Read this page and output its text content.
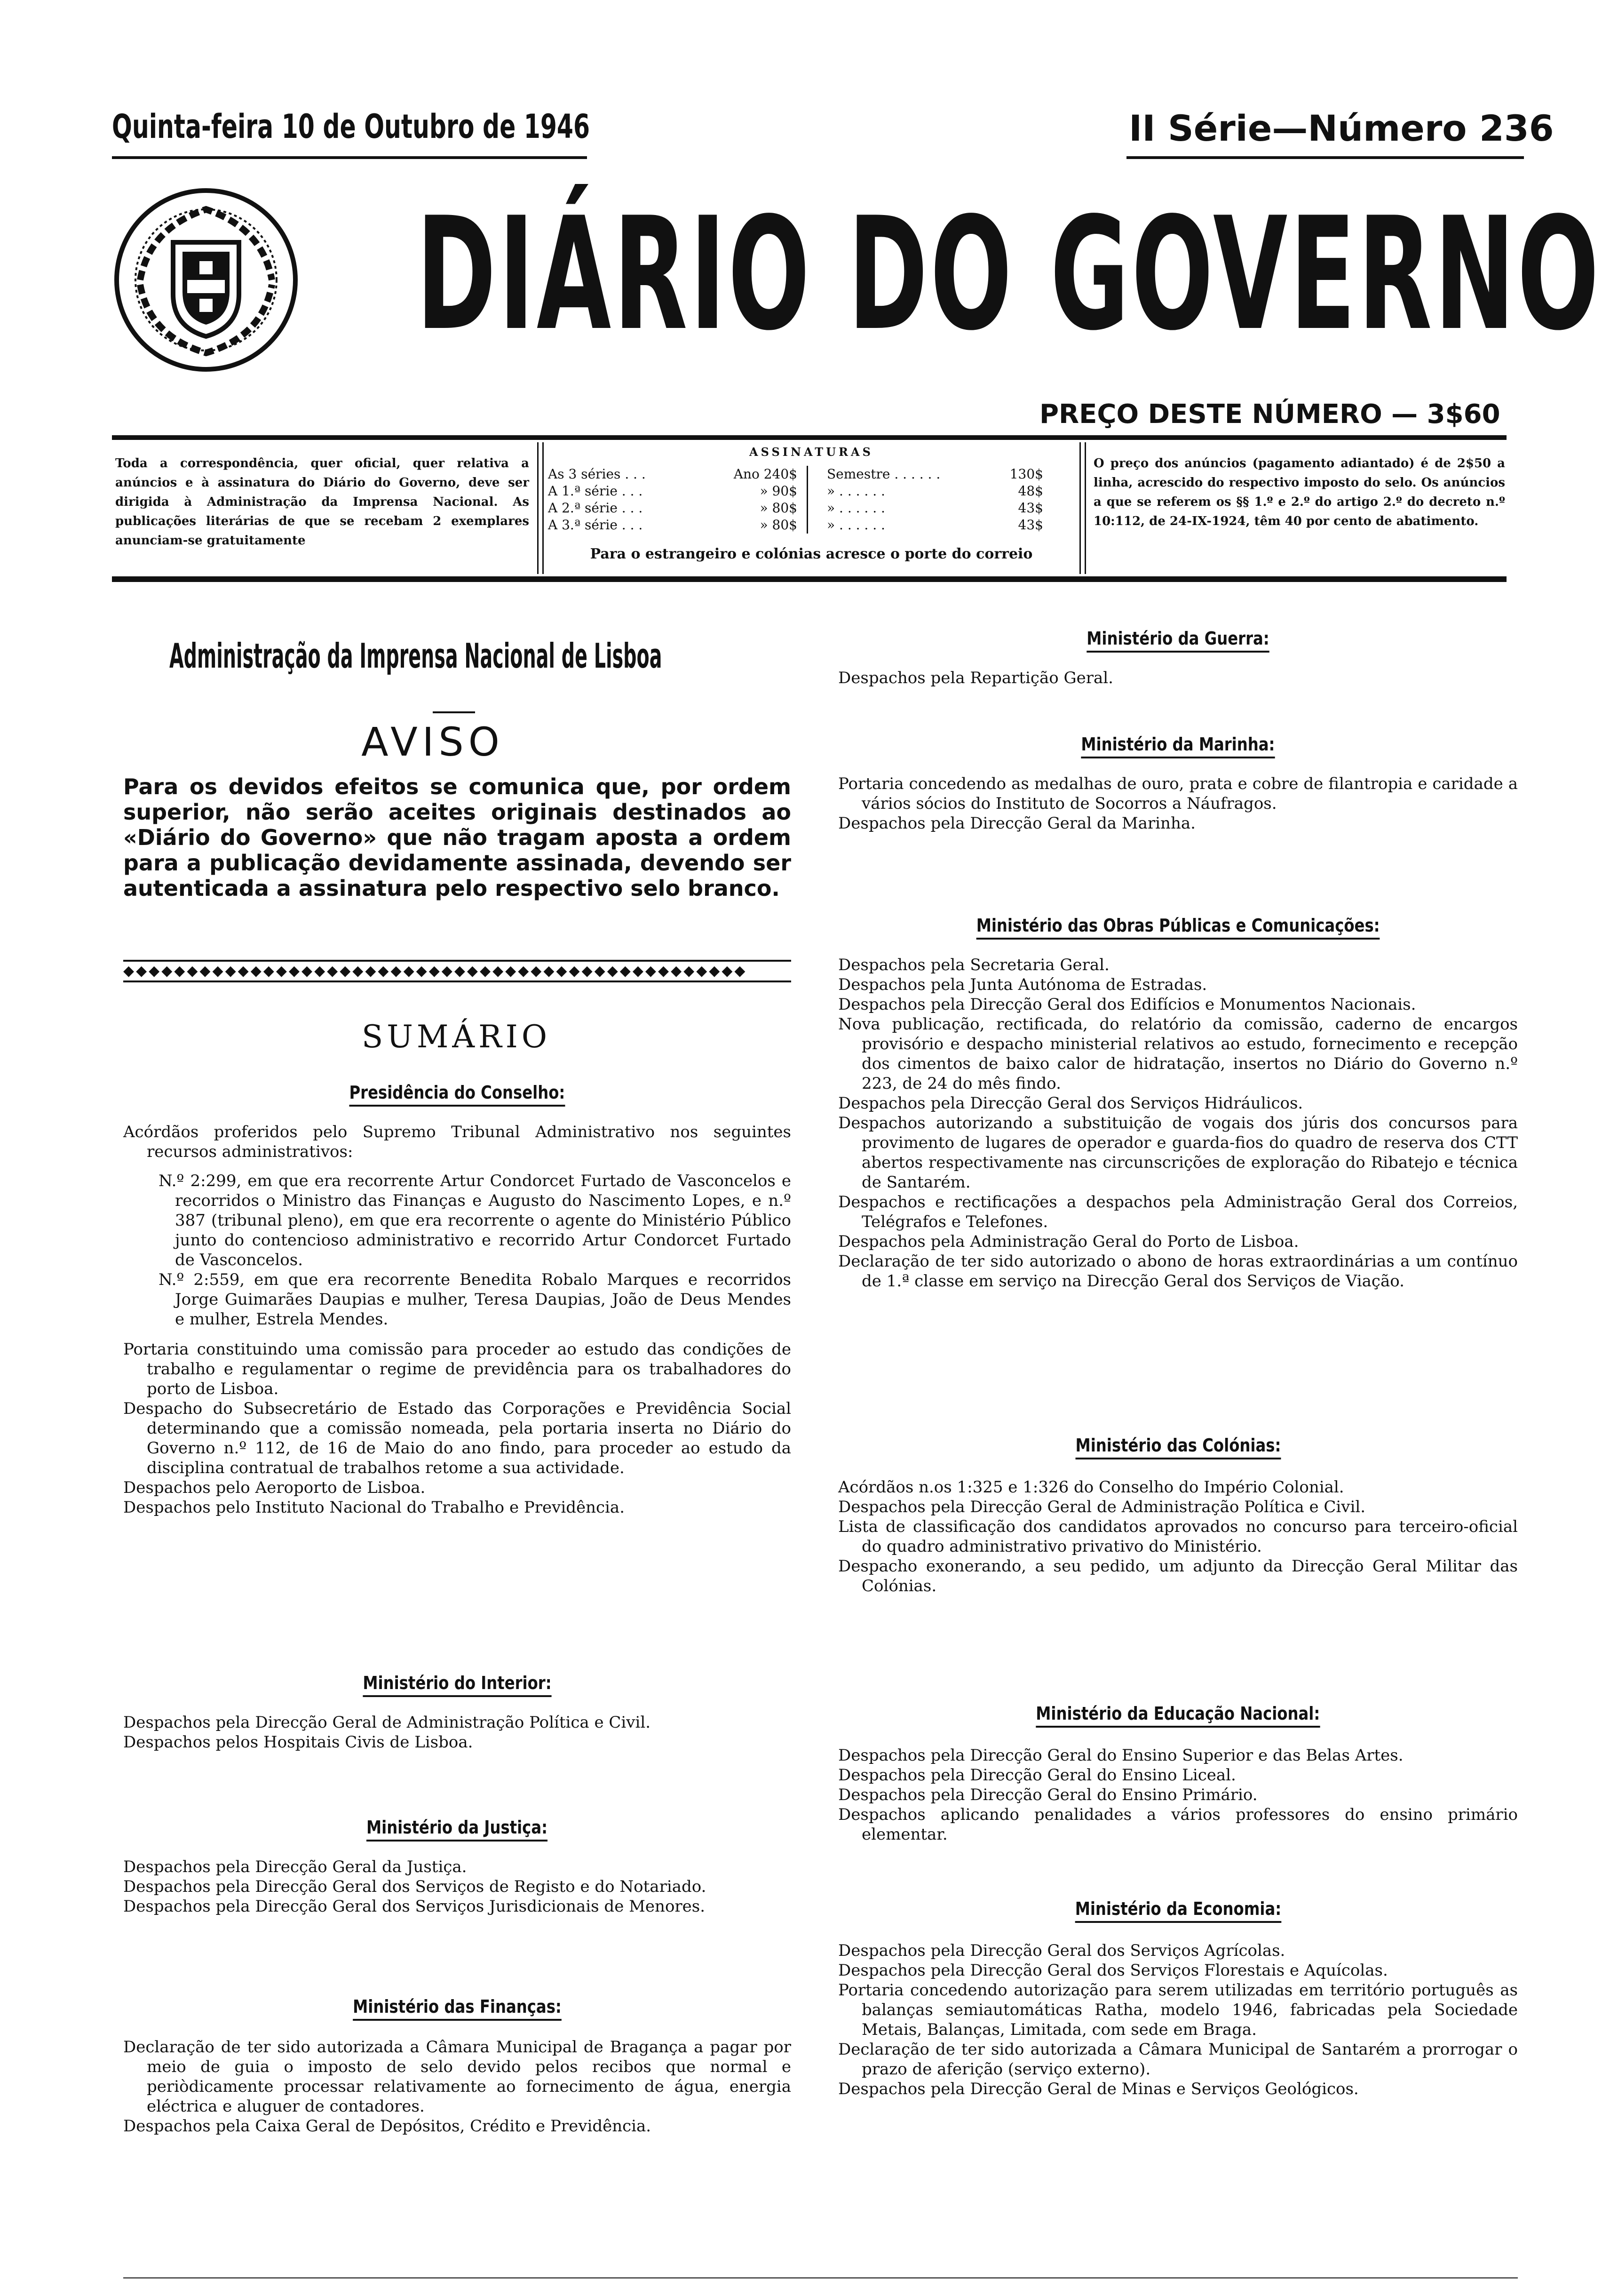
Quinta-feira 10 de Outubro de 1946	II Série—Número 236
DIÁRIO DO GOVERNO
PREÇO DESTE NÚMERO — 3$60
Toda a correspondência, quer oficial, quer relativa a anúncios e à assinatura do Diário do Governo, deve ser dirigida à Administração da Imprensa Nacional. As publicações literárias de que se recebam 2 exemplares anunciam-se gratuitamente
ASSINATURAS
As 3 séries . . .	Ano 240$	Semestre . . . . . .	130$
A 1.ª série . . .	» 90$	» . . . . . .	48$
A 2.ª série . . .	» 80$	» . . . . . .	43$
A 3.ª série . . .	» 80$	» . . . . . .	43$
Para o estrangeiro e colónias acresce o porte do correio
O preço dos anúncios (pagamento adiantado) é de 2$50 a linha, acrescido do respectivo imposto do selo. Os anúncios a que se referem os §§ 1.º e 2.º do artigo 2.º do decreto n.º 10:112, de 24-IX-1924, têm 40 por cento de abatimento.
Administração da Imprensa Nacional de Lisboa
AVISO
Para os devidos efeitos se comunica que, por ordem superior, não serão aceites originais destinados ao «Diário do Governo» que não tragam aposta a ordem para a publicação devidamente assinada, devendo ser autenticada a assinatura pelo respectivo selo branco.
◆◆◆◆◆◆◆◆◆◆◆◆◆◆◆◆◆◆◆◆◆◆◆◆◆◆◆◆◆◆◆◆◆◆◆◆◆◆◆◆◆◆◆◆◆◆◆◆◆
SUMÁRIO
Presidência do Conselho:

Acórdãos proferidos pelo Supremo Tribunal Administrativo nos seguintes recursos administrativos:

N.º 2:299, em que era recorrente Artur Condorcet Furtado de Vasconcelos e recorridos o Ministro das Finanças e Augusto do Nascimento Lopes, e n.º 387 (tribunal pleno), em que era recorrente o agente do Ministério Público junto do contencioso administrativo e recorrido Artur Condorcet Furtado de Vasconcelos.

N.º 2:559, em que era recorrente Benedita Robalo Marques e recorridos Jorge Guimarães Daupias e mulher, Teresa Daupias, João de Deus Mendes e mulher, Estrela Mendes.

Portaria constituindo uma comissão para proceder ao estudo das condições de trabalho e regulamentar o regime de previdência para os trabalhadores do porto de Lisboa.

Despacho do Subsecretário de Estado das Corporações e Previdência Social determinando que a comissão nomeada, pela portaria inserta no Diário do Governo n.º 112, de 16 de Maio do ano findo, para proceder ao estudo da disciplina contratual de trabalhos retome a sua actividade.

Despachos pelo Aeroporto de Lisboa.

Despachos pelo Instituto Nacional do Trabalho e Previdência.

Ministério do Interior:

Despachos pela Direcção Geral de Administração Política e Civil.

Despachos pelos Hospitais Civis de Lisboa.

Ministério da Justiça:

Despachos pela Direcção Geral da Justiça.

Despachos pela Direcção Geral dos Serviços de Registo e do Notariado.

Despachos pela Direcção Geral dos Serviços Jurisdicionais de Menores.

Ministério das Finanças:

Declaração de ter sido autorizada a Câmara Municipal de Bragança a pagar por meio de guia o imposto de selo devido pelos recibos que normal e periòdicamente processar relativamente ao fornecimento de água, energia eléctrica e aluguer de contadores.

Despachos pela Caixa Geral de Depósitos, Crédito e Previdência.

Ministério da Guerra:

Despachos pela Repartição Geral.

Ministério da Marinha:

Portaria concedendo as medalhas de ouro, prata e cobre de filantropia e caridade a vários sócios do Instituto de Socorros a Náufragos.

Despachos pela Direcção Geral da Marinha.

Ministério das Obras Públicas e Comunicações:

Despachos pela Secretaria Geral.

Despachos pela Junta Autónoma de Estradas.

Despachos pela Direcção Geral dos Edifícios e Monumentos Nacionais.

Nova publicação, rectificada, do relatório da comissão, caderno de encargos provisório e despacho ministerial relativos ao estudo, fornecimento e recepção dos cimentos de baixo calor de hidratação, insertos no Diário do Governo n.º 223, de 24 do mês findo.

Despachos pela Direcção Geral dos Serviços Hidráulicos.

Despachos autorizando a substituição de vogais dos júris dos concursos para provimento de lugares de operador e guarda-fios do quadro de reserva dos CTT abertos respectivamente nas circunscrições de exploração do Ribatejo e técnica de Santarém.

Despachos e rectificações a despachos pela Administração Geral dos Correios, Telégrafos e Telefones.

Despachos pela Administração Geral do Porto de Lisboa.

Declaração de ter sido autorizado o abono de horas extraordinárias a um contínuo de 1.ª classe em serviço na Direcção Geral dos Serviços de Viação.

Ministério das Colónias:

Acórdãos n.os 1:325 e 1:326 do Conselho do Império Colonial.

Despachos pela Direcção Geral de Administração Política e Civil.

Lista de classificação dos candidatos aprovados no concurso para terceiro-oficial do quadro administrativo privativo do Ministério.

Despacho exonerando, a seu pedido, um adjunto da Direcção Geral Militar das Colónias.

Ministério da Educação Nacional:

Despachos pela Direcção Geral do Ensino Superior e das Belas Artes.

Despachos pela Direcção Geral do Ensino Liceal.

Despachos pela Direcção Geral do Ensino Primário.

Despachos aplicando penalidades a vários professores do ensino primário elementar.

Ministério da Economia:

Despachos pela Direcção Geral dos Serviços Agrícolas.

Despachos pela Direcção Geral dos Serviços Florestais e Aquícolas.

Portaria concedendo autorização para serem utilizadas em território português as balanças semiautomáticas Ratha, modelo 1946, fabricadas pela Sociedade Metais, Balanças, Limitada, com sede em Braga.

Declaração de ter sido autorizada a Câmara Municipal de Santarém a prorrogar o prazo de aferição (serviço externo).

Despachos pela Direcção Geral de Minas e Serviços Geológicos.
